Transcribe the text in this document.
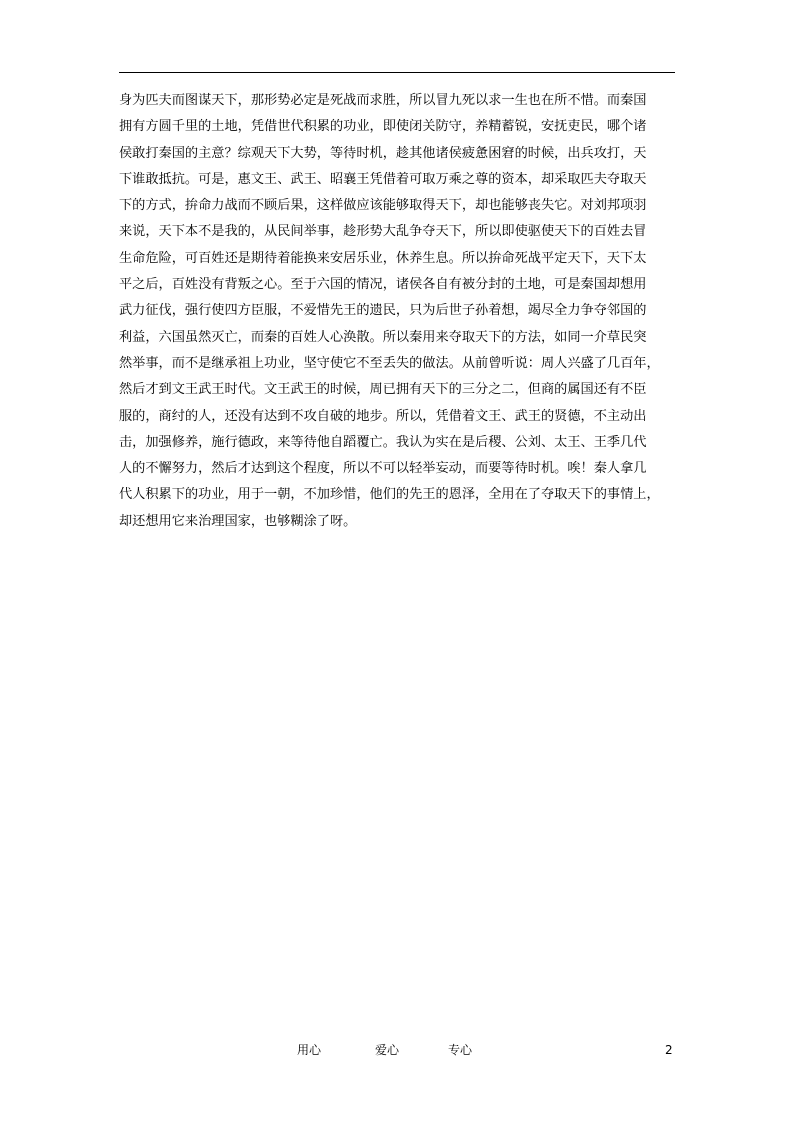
身为匹夫而图谋天下，那形势必定是死战而求胜，所以冒九死以求一生也在所不惜。而秦国
拥有方圆千里的土地，凭借世代积累的功业，即使闭关防守，养精蓄锐，安抚吏民，哪个诸
侯敢打秦国的主意？综观天下大势，等待时机，趁其他诸侯疲惫困窘的时候，出兵攻打，天
下谁敢抵抗。可是，惠文王、武王、昭襄王凭借着可取万乘之尊的资本，却采取匹夫夺取天
下的方式，拚命力战而不顾后果，这样做应该能够取得天下，却也能够丧失它。对刘邦项羽
来说，天下本不是我的，从民间举事，趁形势大乱争夺天下，所以即使驱使天下的百姓去冒
生命危险，可百姓还是期待着能换来安居乐业，休养生息。所以拚命死战平定天下，天下太
平之后，百姓没有背叛之心。至于六国的情况，诸侯各自有被分封的土地，可是秦国却想用
武力征伐，强行使四方臣服，不爱惜先王的遗民，只为后世子孙着想，竭尽全力争夺邻国的
利益，六国虽然灭亡，而秦的百姓人心涣散。所以秦用来夺取天下的方法，如同一介草民突
然举事，而不是继承祖上功业，坚守使它不至丢失的做法。从前曾听说：周人兴盛了几百年，
然后才到文王武王时代。文王武王的时候，周已拥有天下的三分之二，但商的属国还有不臣
服的，商纣的人，还没有达到不攻自破的地步。所以，凭借着文王、武王的贤德，不主动出
击，加强修养，施行德政，来等待他自蹈覆亡。我认为实在是后稷、公刘、太王、王季几代
人的不懈努力，然后才达到这个程度，所以不可以轻举妄动，而要等待时机。唉！秦人拿几
代人积累下的功业，用于一朝，不加珍惜，他们的先王的恩泽，全用在了夺取天下的事情上，
却还想用它来治理国家，也够糊涂了呀。
用心	爱心	专心	2
